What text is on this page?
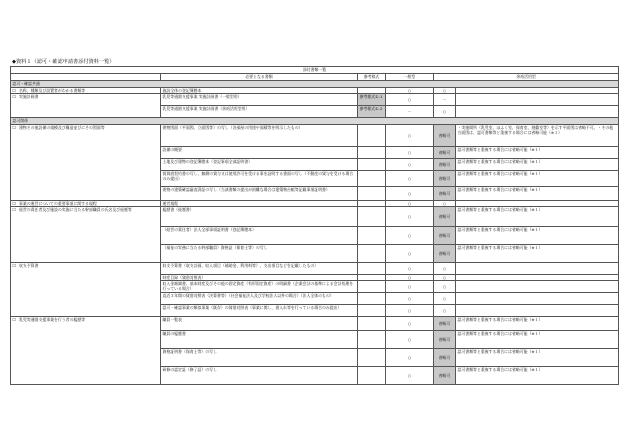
◆資料１（認可・確認申請書添付資料一覧）
添付書類一覧					
	必要となる書類	参考様式	一般型	余裕活用型	
認可・確認共通					
☐ 名称、種類及び設置者がわかる書類等	施設全体の登記簿謄本		○	○	
☐ 実施計画書	乳児等通園支援事業 実施計画書（一般型用）	参考様式①-1	○	－	
	乳児等通園支援事業 実施計画書（余裕活用型用）	参考様式①-2	－	○	
認可関係					
☐ 建物その他設備の規模及び構造並びにその図面等	建物図面（平面図、立面図等）の写し（各部屋の用途や面積等を明示したもの）		○	省略可	・実施場所（乳児室、ほふく室、保育室、遊戯室等）を示す平面図は省略不可。・その他方面図は、認可書類等と重複する場合には省略可能（※１）
	設備の概要		○	省略可	認可書類等と重複する場合には省略可能（※１）
	土地及び建物の登記簿謄本（登記事項全部証明書）		○	省略可	認可書類等と重複する場合には省略可能（※１）
	賃貸借契約書の写し、無償の貸与又は使用許可を受ける事を証明する書面の写し（不動産の貸与を受ける場合のみ提出）		○	省略可	認可書類等と重複する場合には省略可能（※１）
	建物の建築確認審査済証の写し（当該書類の提出が困難な場合は建築物台帳等記載事項証明書）		○	省略可	認可書類等と重複する場合には省略可能（※１）
☐ 事業の運営についての重要事項に関する規程	運営規程		○	○	
☐ 経営の責任者及び施設の実施に当たる幹部職員の氏名及び経歴等	履歴書（経歴書）		○	省略可	認可書類等と重複する場合には省略可能（※１）
	（経営の責任者）法人全部事項証明書（登記簿謄本）		○	省略可	認可書類等と重複する場合には省略可能（※１）
	（福祉の実務に当たる幹部職員）資格証（保育士等）の写し		○	省略可	認可書類等と重複する場合には省略可能（※１）
☐ 収支予算書	収支予算書（収支計画、収入項目（補助金、利用料等）、支出項目などを記載したもの）		○	○	
	財産目録（貸借対照表）		○	○	
	収入金額調書、基本財産及びその他の固定資産（有形固定資産）の明細書（企業会計の基準による会計処理を行っている場合）		○	○	
	直近３年間の貸借対照表（決算書等）（社会福祉法人及び学校法人以外の場合）（法人全体のもの）		○	○	
	認可・確認事業の類似事業（既存）の貸借対照表（事業に関し、借入れ等を行っている場合のみ提出）		○	○	
☐ 乳児等通園支援事業を行う者の履歴等	職員一覧表		○	省略可	認可書類等と重複する場合には省略可能（※１）
	職員の履歴書		○	省略可	認可書類等と重複する場合には省略可能（※１）
	資格証明書（保育士等）の写し		○	省略可	認可書類等と重複する場合には省略可能（※１）
	研修の認定証（修了証）の写し		○	省略可	認可書類等と重複する場合には省略可能（※１）
